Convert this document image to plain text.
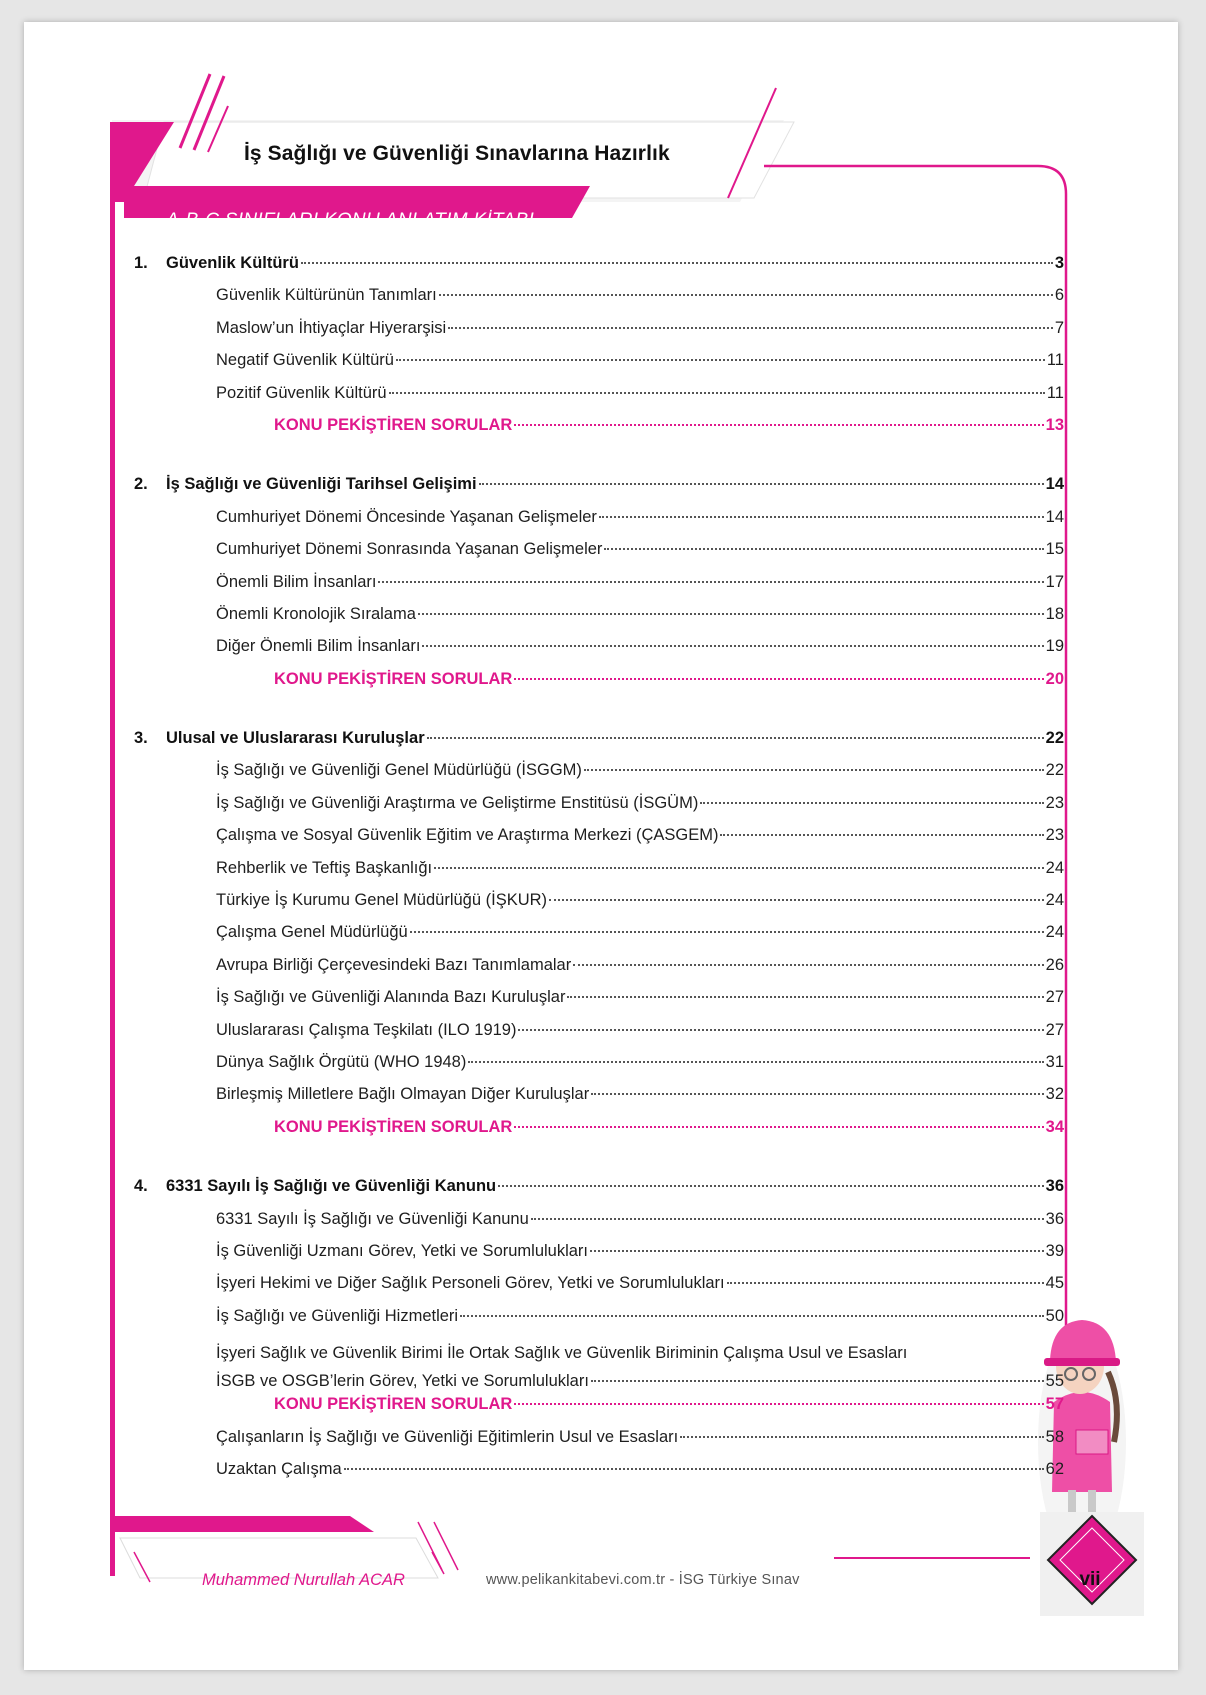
İş Sağlığı ve Güvenliği Sınavlarına Hazırlık
A-B-C SINIFLARI KONU ANLATIM KİTABI
1. Güvenlik Kültürü	3
Güvenlik Kültürünün Tanımları	6
Maslow’un İhtiyaçlar Hiyerarşisi	7
Negatif Güvenlik Kültürü	11
Pozitif Güvenlik Kültürü	11
KONU PEKİŞTİREN SORULAR	13
2. İş Sağlığı ve Güvenliği Tarihsel Gelişimi	14
Cumhuriyet Dönemi Öncesinde Yaşanan Gelişmeler	14
Cumhuriyet Dönemi Sonrasında Yaşanan Gelişmeler	15
Önemli Bilim İnsanları	17
Önemli Kronolojik Sıralama	18
Diğer Önemli Bilim İnsanları	19
KONU PEKİŞTİREN SORULAR	20
3. Ulusal ve Uluslararası Kuruluşlar	22
İş Sağlığı ve Güvenliği Genel Müdürlüğü (İSGGM)	22
İş Sağlığı ve Güvenliği Araştırma ve Geliştirme Enstitüsü (İSGÜM)	23
Çalışma ve Sosyal Güvenlik Eğitim ve Araştırma Merkezi (ÇASGEM)	23
Rehberlik ve Teftiş Başkanlığı	24
Türkiye İş Kurumu Genel Müdürlüğü (İŞKUR)	24
Çalışma Genel Müdürlüğü	24
Avrupa Birliği Çerçevesindeki Bazı Tanımlamalar	26
İş Sağlığı ve Güvenliği Alanında Bazı Kuruluşlar	27
Uluslararası Çalışma Teşkilatı (ILO 1919)	27
Dünya Sağlık Örgütü (WHO 1948)	31
Birleşmiş Milletlere Bağlı Olmayan Diğer Kuruluşlar	32
KONU PEKİŞTİREN SORULAR	34
4. 6331 Sayılı İş Sağlığı ve Güvenliği Kanunu	36
6331 Sayılı İş Sağlığı ve Güvenliği Kanunu	36
İş Güvenliği Uzmanı Görev, Yetki ve Sorumlulukları	39
İşyeri Hekimi ve Diğer Sağlık Personeli Görev, Yetki ve Sorumlulukları	45
İş Sağlığı ve Güvenliği Hizmetleri	50
İşyeri Sağlık ve Güvenlik Birimi İle Ortak Sağlık ve Güvenlik Biriminin Çalışma Usul ve Esasları
İSGB ve OSGB’lerin Görev, Yetki ve Sorumlulukları	55
KONU PEKİŞTİREN SORULAR	57
Çalışanların İş Sağlığı ve Güvenliği Eğitimlerin Usul ve Esasları	58
Uzaktan Çalışma	62
Muhammed Nurullah ACAR	www.pelikankitabevi.com.tr - İSG Türkiye Sınav	vii
